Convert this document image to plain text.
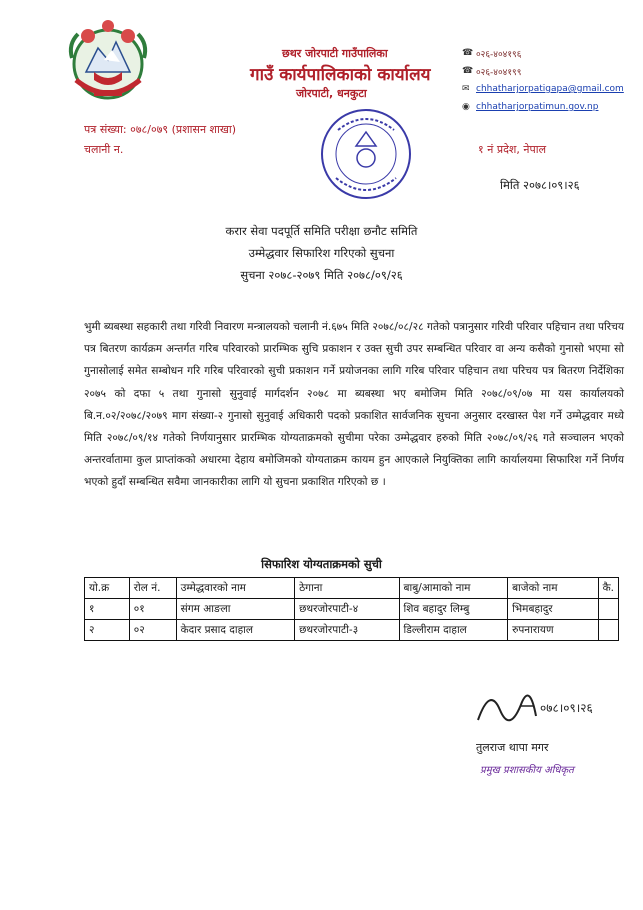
छथर जोरपाटी गाउँपालिका
गाउँ कार्यपालिकाको कार्यालय
जोरपाटी, धनकुटा
☎ ०२६-४०४१९६
☎ ०२६-४०४१९९
✉ chhatharjorpatigapa@gmail.com
◉ chhatharjorpatimun.gov.np
पत्र संख्या: ०७८/०७९ (प्रशासन शाखा)
चलानी न.	१ नं प्रदेश, नेपाल
मिति २०७८।०९।२६
करार सेवा पदपूर्ति समिति परीक्षा छनौट समिति
उम्मेद्धवार सिफारिश गरिएको सुचना
सुचना २०७८-२०७९ मिति २०७८/०९/२६
भुमी ब्यबस्था सहकारी तथा गरिवी निवारण मन्त्रालयको चलानी नं.६७५ मिति २०७८/०८/२८ गतेको पत्रानुसार गरिवी परिवार पहिचान तथा परिचय पत्र बितरण कार्यक्रम अन्तर्गत गरिब परिवारको प्रारम्भिक सुचि प्रकाशन र उक्त सुची उपर सम्बन्धित परिवार वा अन्य कसैको गुनासो भएमा सो गुनासोलाई समेत सम्बोधन गरि गरिब परिवारको सुची प्रकाशन गर्ने प्रयोजनका लागि गरिब परिवार पहिचान तथा परिचय पत्र बितरण निर्देशिका २०७५ को दफा ५ तथा गुनासो सुनुवाई मार्गदर्शन २०७८ मा ब्यबस्था भए बमोजिम मिति २०७८/०९/०७ मा यस कार्यालयको बि.न.०२/२०७८/२०७९ माग संख्या-२ गुनासो सुनुवाई अधिकारी पदको प्रकाशित सार्वजनिक सुचना अनुसार दरखास्त पेश गर्ने उम्मेद्धवार मध्ये मिति २०७८/०९/१४ गतेको निर्णयानुसार प्रारम्भिक योग्यताक्रमको सुचीमा परेका उम्मेद्धवार हरुको मिति २०७८/०९/२६ गते सञ्चालन भएको अन्तरर्वातामा कुल प्राप्तांकको अधारमा देहाय बमोजिमको योग्यताक्रम कायम हुन आएकाले नियुक्तिका लागि कार्यालयमा सिफारिश गर्ने निर्णय भएको हुदाँ सम्बन्धित सवैमा जानकारीका लागि यो सुचना प्रकाशित गरिएको छ ।
सिफारिश योग्यताक्रमको सुची
यो.क्र	रोल नं.	उम्मेद्धवारको नाम	ठेगाना	बाबु/आमाको नाम	बाजेको नाम	कै.
१	०१	संगम आङला	छथरजोरपाटी-४	शिव बहादुर लिम्बु	भिमबहादुर	
२	०२	केदार प्रसाद दाहाल	छथरजोरपाटी-३	डिल्लीराम दाहाल	रुपनारायण	
०७८।०९।२६
तुलराज थापा मगर
प्रमुख प्रशासकीय अधिकृत
